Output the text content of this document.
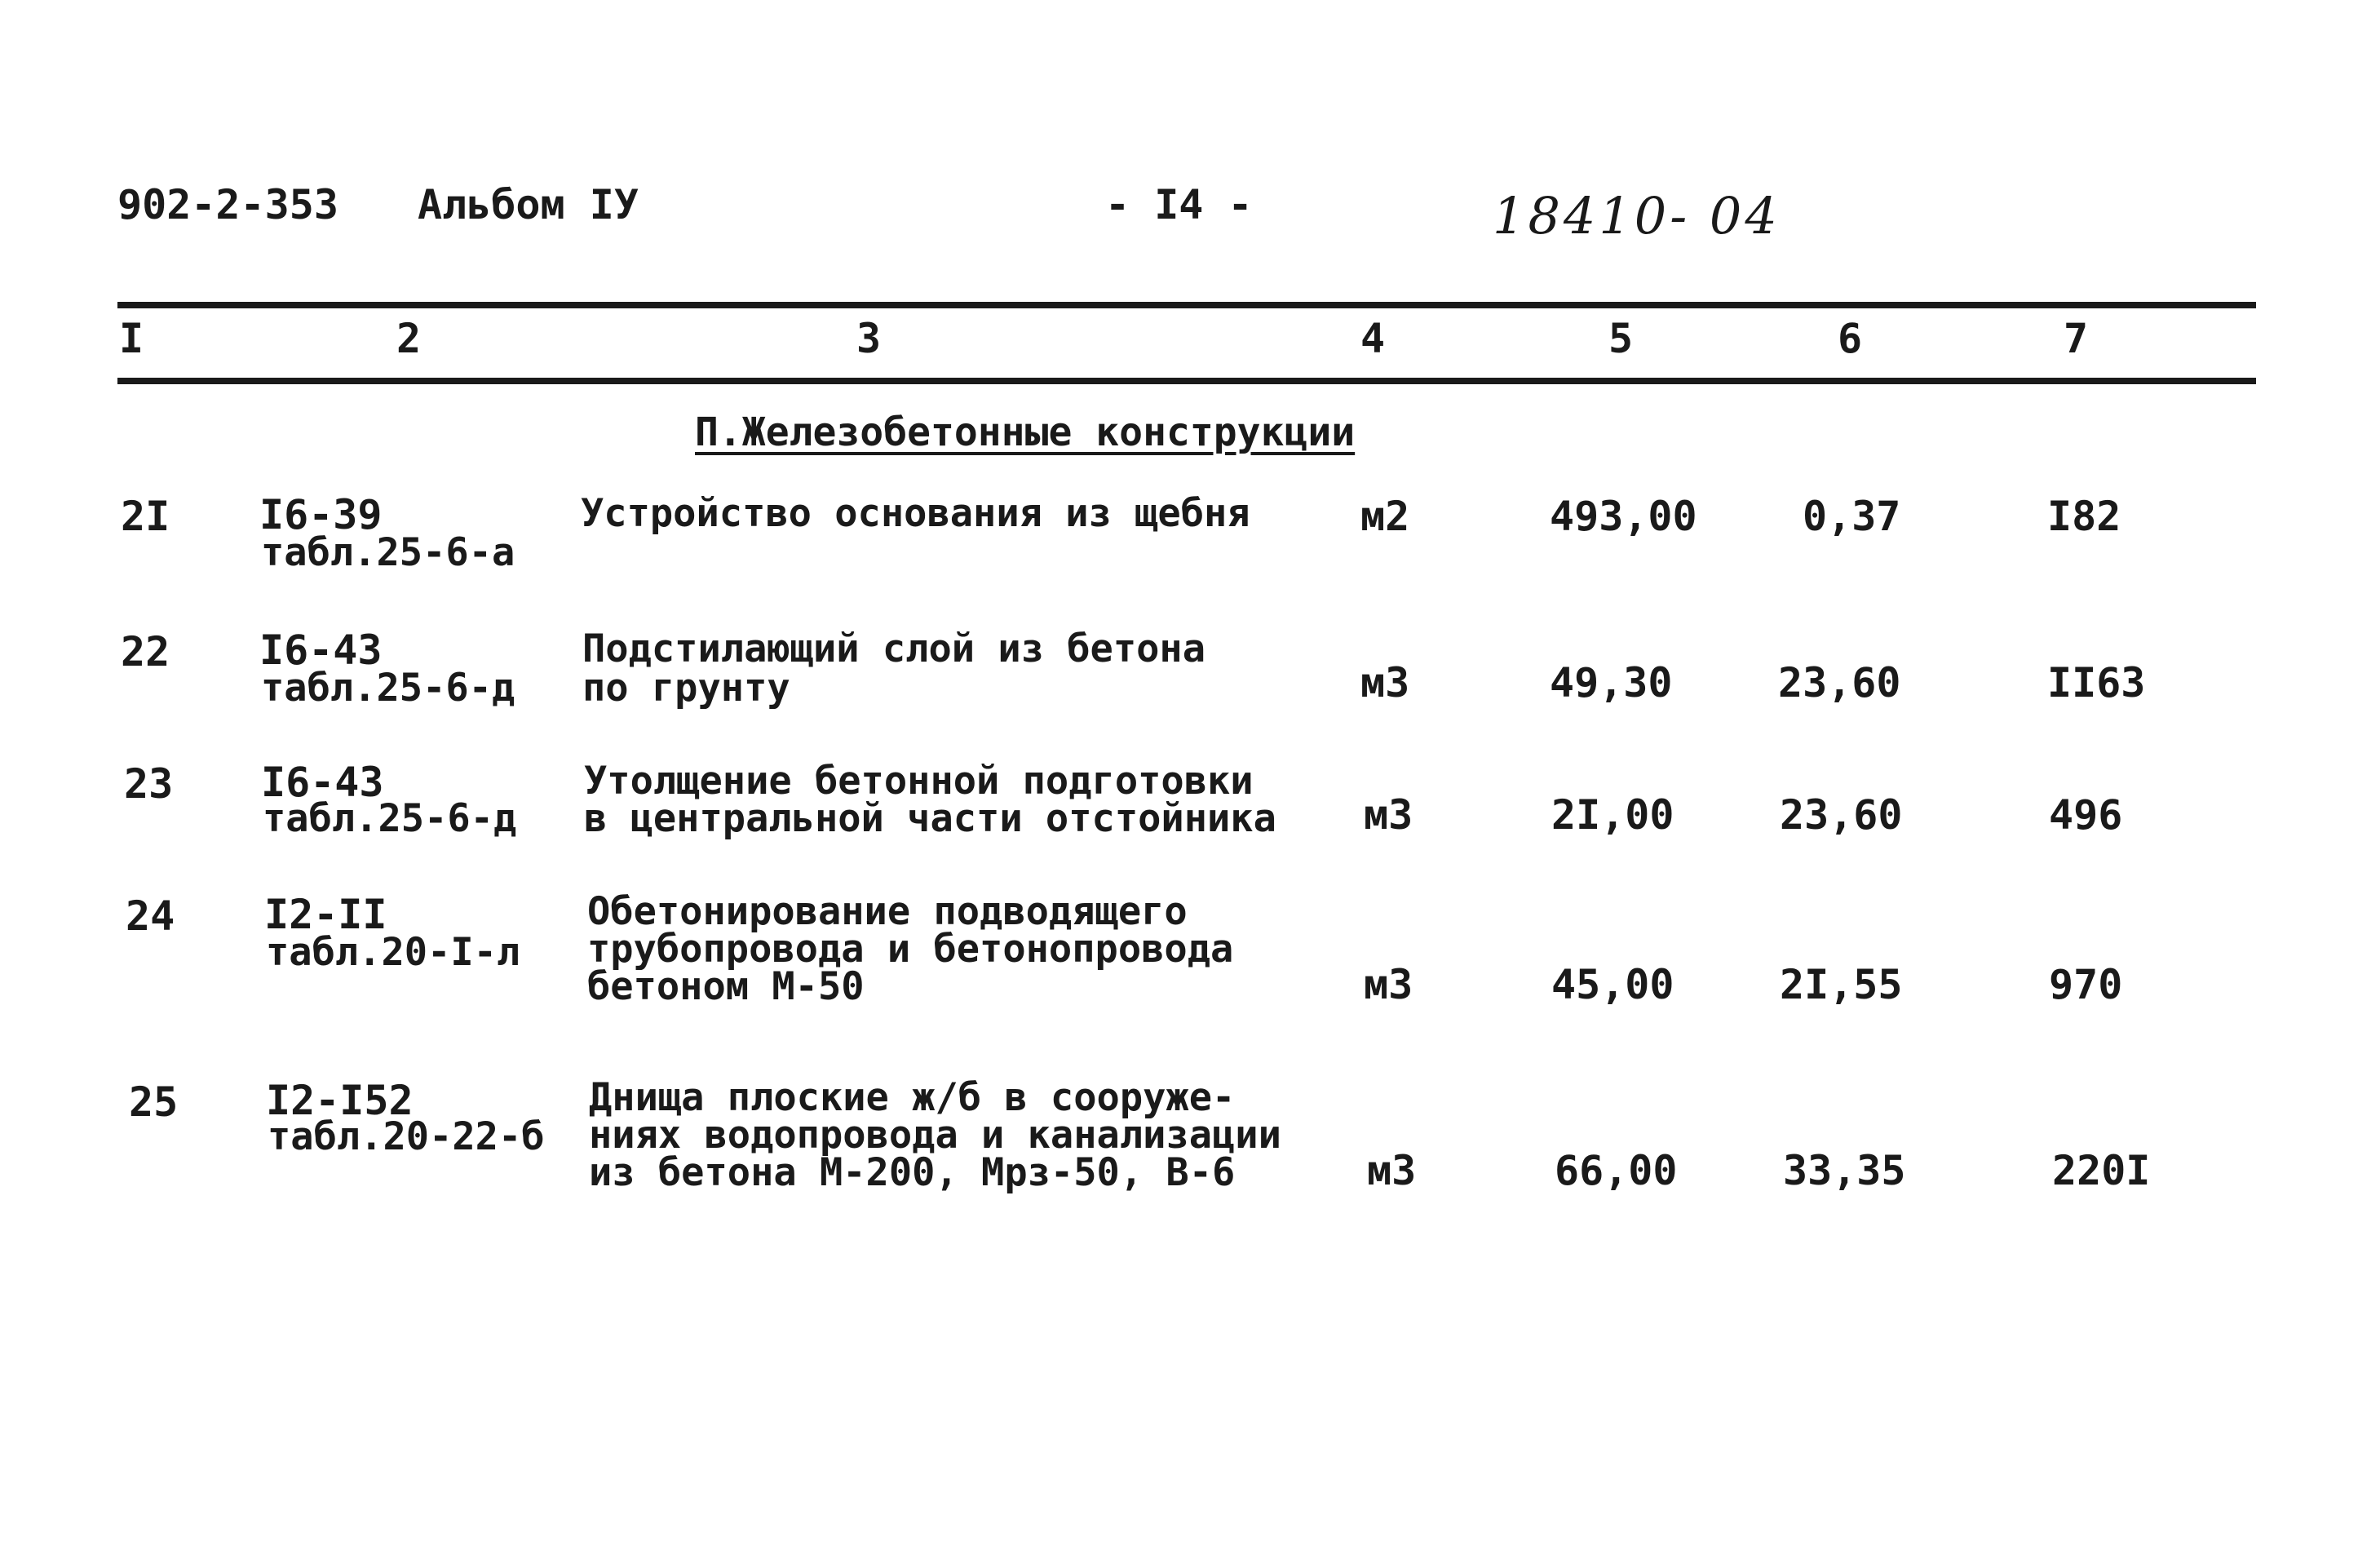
902-2-353 Альбом IУ	- I4 -	18410- 04
I	2	3	4	5	6	7
П.Железобетонные конструкции
2I I6-39
табл.25-6-а
Устройство основания из щебня	м2	493,00	0,37	I82
22 I6-43
табл.25-6-д
Подстилающий слой из бетона
по грунту	м3	49,30	23,60	II63
23 I6-43
табл.25-6-д
Утолщение бетонной подготовки
в центральной части отстойника м3	2I,00	23,60	496
24 I2-II
табл.20-I-л
Обетонирование подводящего
трубопровода и бетонопровода
бетоном М-50	м3	45,00	2I,55	970
25 I2-I52
табл.20-22-б
Днища плоские ж/б в сооруже-
ниях водопровода и канализации
из бетона М-200, Мрз-50, В-6	м3	66,00	33,35	220I
